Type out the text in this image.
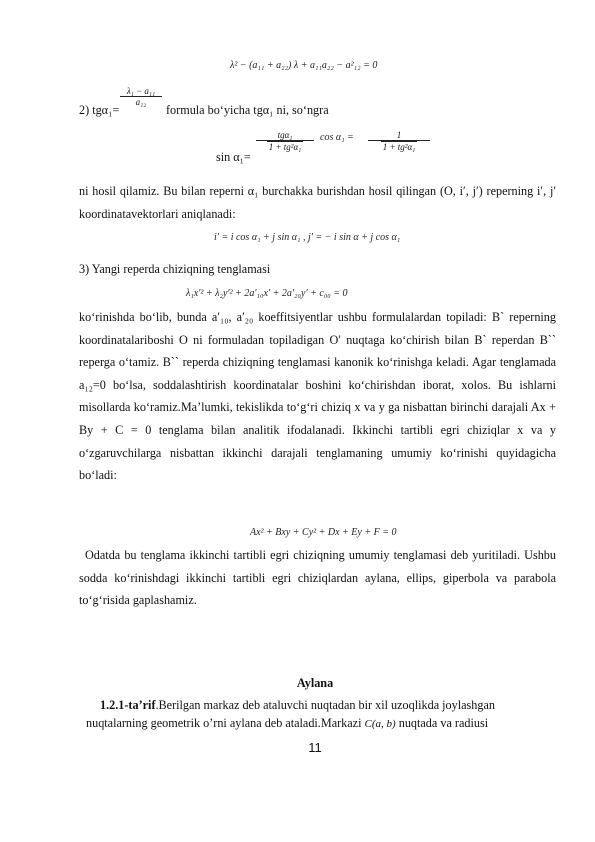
λ² − (a₁₁ + a₂₂) λ + a₁₁a₂₂ − a²₁₂ = 0
$\frac{\text{λ₁ − a₁₁}}{\text{a₁₂}}$
2) tgα₁=	formula bo‘yicha tgα₁ ni, so‘ngra
tgα₁
1 + tg²α₁
sin α₁=
$\cos \alpha_1 = \frac{1}{\text{1 + tg²α₁}}$
ni hosil qilamiz. Bu bilan reperni α₁ burchakka burishdan hosil qilingan (O, i′, j′) reperning i′, j′ koordinatavektorlari aniqlanadi:
i′ = i cos α₁ + j sin α₁ , j′ = − i sin α + j cos α₁
3) Yangi reperda chiziqning tenglamasi
λ₁x′² + λ₂y′² + 2a′₁₀x′ + 2a′₂₀y′ + c₀₀ = 0
ko‘rinishda bo‘lib, bunda a′₁₀, a′₂₀ koeffitsiyentlar ushbu formulalardan topiladi: B` reperning koordinatalariboshi O ni formuladan topiladigan O′ nuqtaga ko‘chirish bilan B` reperdan B`` reperga o‘tamiz. B`` reperda chiziqning tenglamasi kanonik ko‘rinishga keladi. Agar tenglamada a₁₂=0 bo‘lsa, soddalashtirish koordinatalar boshini ko‘chirishdan iborat, xolos. Bu ishlarni misollarda ko‘ramiz.Ma’lumki, tekislikda to‘g‘ri chiziq x va y ga nisbattan birinchi darajali Ax + By + C = 0 tenglama bilan analitik ifodalanadi. Ikkinchi tartibli egri chiziqlar x va y o‘zgaruvchilarga nisbattan ikkinchi darajali tenglamaning umumiy ko‘rinishi quyidagicha bo‘ladi:
Ax² + Bxy + Cy² + Dx + Ey + F = 0
Odatda bu tenglama ikkinchi tartibli egri chiziqning umumiy tenglamasi deb yuritiladi. Ushbu sodda ko‘rinishdagi ikkinchi tartibli egri chiziqlardan aylana, ellips, giperbola va parabola to‘g‘risida gaplashamiz.
Aylana
1.2.1-ta’rif.Berilgan markaz deb ataluvchi nuqtadan bir xil uzoqlikda joylashgan
nuqtalarning geometrik o’rni aylana deb ataladi.Markazi C(a, b) nuqtada va radiusi
11
